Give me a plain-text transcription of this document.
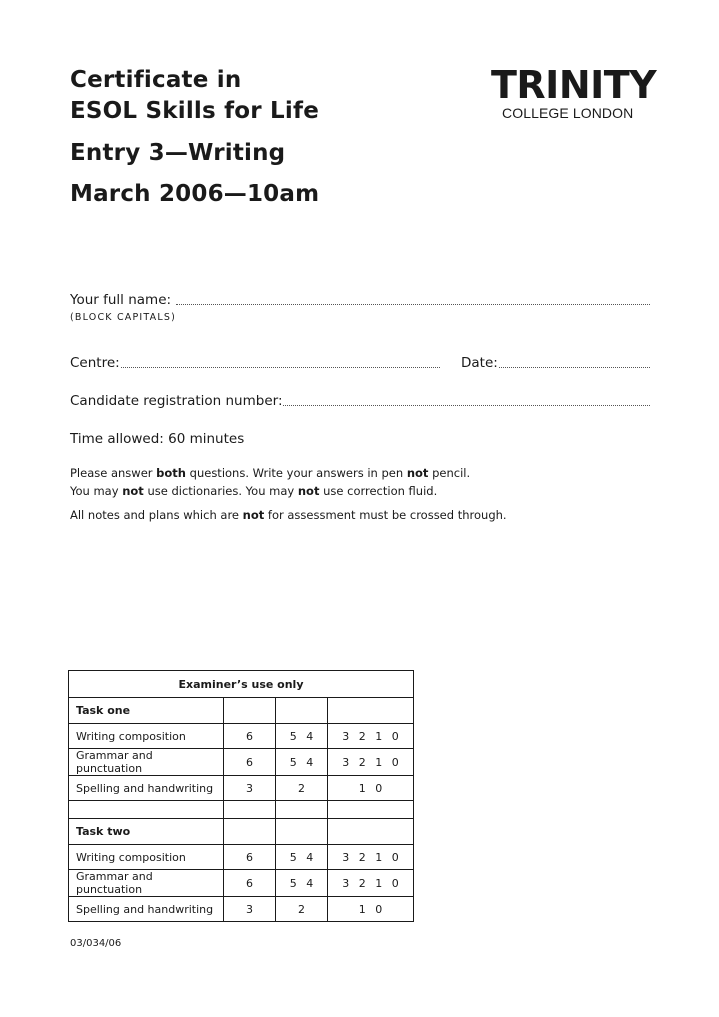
Certificate in
ESOL Skills for Life
Entry 3—Writing
March 2006—10am
TRINITY
COLLEGE LONDON
Your full name:
(BLOCK CAPITALS)
Centre:	Date:
Candidate registration number:
Time allowed: 60 minutes
Please answer both questions. Write your answers in pen not pencil.
You may not use dictionaries. You may not use correction fluid.
All notes and plans which are not for assessment must be crossed through.
Examiner’s use only			
Task one			
Writing composition	6	5 4	3 2 1 0
Grammar and punctuation	6	5 4	3 2 1 0
Spelling and handwriting	3	2	1 0

Task two			
Writing composition	6	5 4	3 2 1 0
Grammar and punctuation	6	5 4	3 2 1 0
Spelling and handwriting	3	2	1 0
03/034/06
